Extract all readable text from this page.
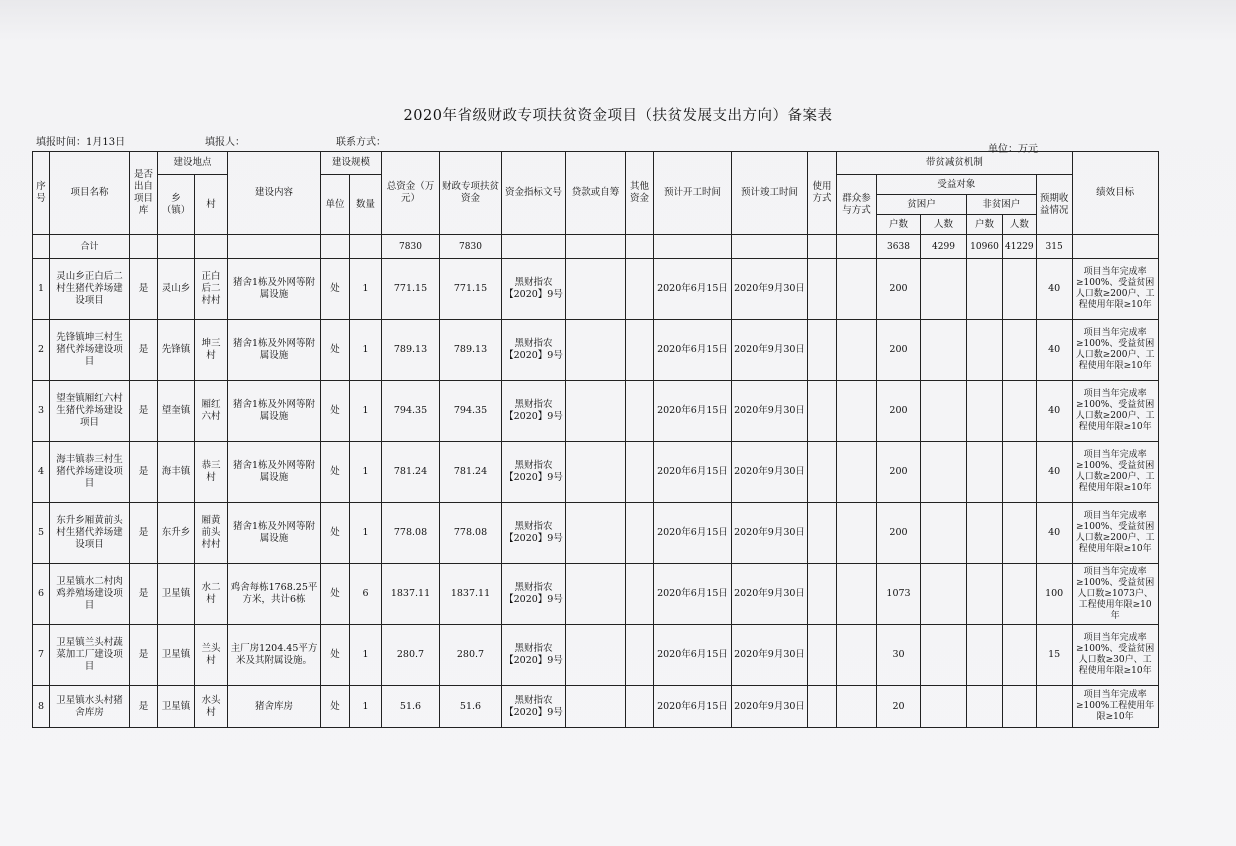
2020年省级财政专项扶贫资金项目（扶贫发展支出方向）备案表
填报时间：1月13日	填报人：	联系方式：
单位：万元
序号	项目名称	是否出自项目库	建设地点		建设内容	建设规模		总资金（万元）	财政专项扶贫资金	资金指标文号	贷款或自筹	其他资金	预计开工时间	预计竣工时间	使用方式	带贫减贫机制						绩效目标
			乡（镇）	村		单位	数量									群众参与方式	受益对象				预期收益情况	
																	贫困户		非贫困户			
																	户数	人数	户数	人数		
	合计							7830	7830								3638	4299	10960	41229	315	
1	灵山乡正白后二村生猪代养场建设项目	是	灵山乡	正白后二村村	猪舍1栋及外网等附属设施	处	1	771.15	771.15	黑财指农【2020】9号			2020年6月15日	2020年9月30日			200				40	项目当年完成率≥100%、受益贫困人口数≥200户、工程使用年限≥10年
2	先锋镇坤三村生猪代养场建设项目	是	先锋镇	坤三村	猪舍1栋及外网等附属设施	处	1	789.13	789.13	黑财指农【2020】9号			2020年6月15日	2020年9月30日			200				40	项目当年完成率≥100%、受益贫困人口数≥200户、工程使用年限≥10年
3	望奎镇厢红六村生猪代养场建设项目	是	望奎镇	厢红六村	猪舍1栋及外网等附属设施	处	1	794.35	794.35	黑财指农【2020】9号			2020年6月15日	2020年9月30日			200				40	项目当年完成率≥100%、受益贫困人口数≥200户、工程使用年限≥10年
4	海丰镇恭三村生猪代养场建设项目	是	海丰镇	恭三村	猪舍1栋及外网等附属设施	处	1	781.24	781.24	黑财指农【2020】9号			2020年6月15日	2020年9月30日			200				40	项目当年完成率≥100%、受益贫困人口数≥200户、工程使用年限≥10年
5	东升乡厢黄前头村生猪代养场建设项目	是	东升乡	厢黄前头村村	猪舍1栋及外网等附属设施	处	1	778.08	778.08	黑财指农【2020】9号			2020年6月15日	2020年9月30日			200				40	项目当年完成率≥100%、受益贫困人口数≥200户、工程使用年限≥10年
6	卫星镇水二村肉鸡养殖场建设项目	是	卫星镇	水二村	鸡舍每栋1768.25平方米，共计6栋	处	6	1837.11	1837.11	黑财指农【2020】9号			2020年6月15日	2020年9月30日			1073				100	项目当年完成率≥100%、受益贫困人口数≥1073户、工程使用年限≥10年
7	卫星镇兰头村蔬菜加工厂建设项目	是	卫星镇	兰头村	主厂房1204.45平方米及其附属设施。	处	1	280.7	280.7	黑财指农【2020】9号			2020年6月15日	2020年9月30日			30				15	项目当年完成率≥100%、受益贫困人口数≥30户、工程使用年限≥10年
8	卫星镇水头村猪舍库房	是	卫星镇	水头村	猪舍库房	处	1	51.6	51.6	黑财指农【2020】9号			2020年6月15日	2020年9月30日			20					项目当年完成率≥100%工程使用年限≥10年
